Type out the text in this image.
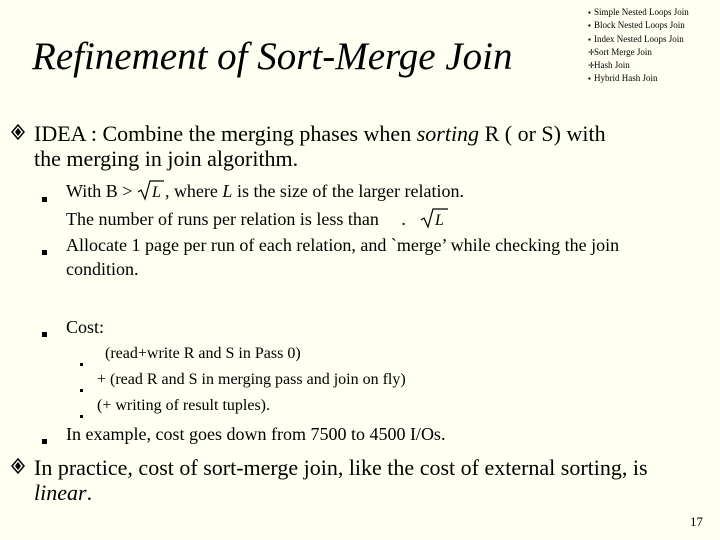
Refinement of Sort-Merge Join
▪ Simple Nested Loops Join
▪ Block Nested Loops Join
▪ Index Nested Loops Join
✛ Sort Merge Join
✛ Hash Join
▪ Hybrid Hash Join
IDEA : Combine the merging phases when sorting R ( or S) with
the merging in join algorithm.
With B > L , where L is the size of the larger relation.
The number of runs per relation is less than . L
Allocate 1 page per run of each relation, and `merge’ while checking the join
condition.
Cost:
(read+write R and S in Pass 0)
+ (read R and S in merging pass and join on fly)
(+ writing of result tuples).
In example, cost goes down from 7500 to 4500 I/Os.
In practice, cost of sort-merge join, like the cost of external sorting, is
linear.
17
